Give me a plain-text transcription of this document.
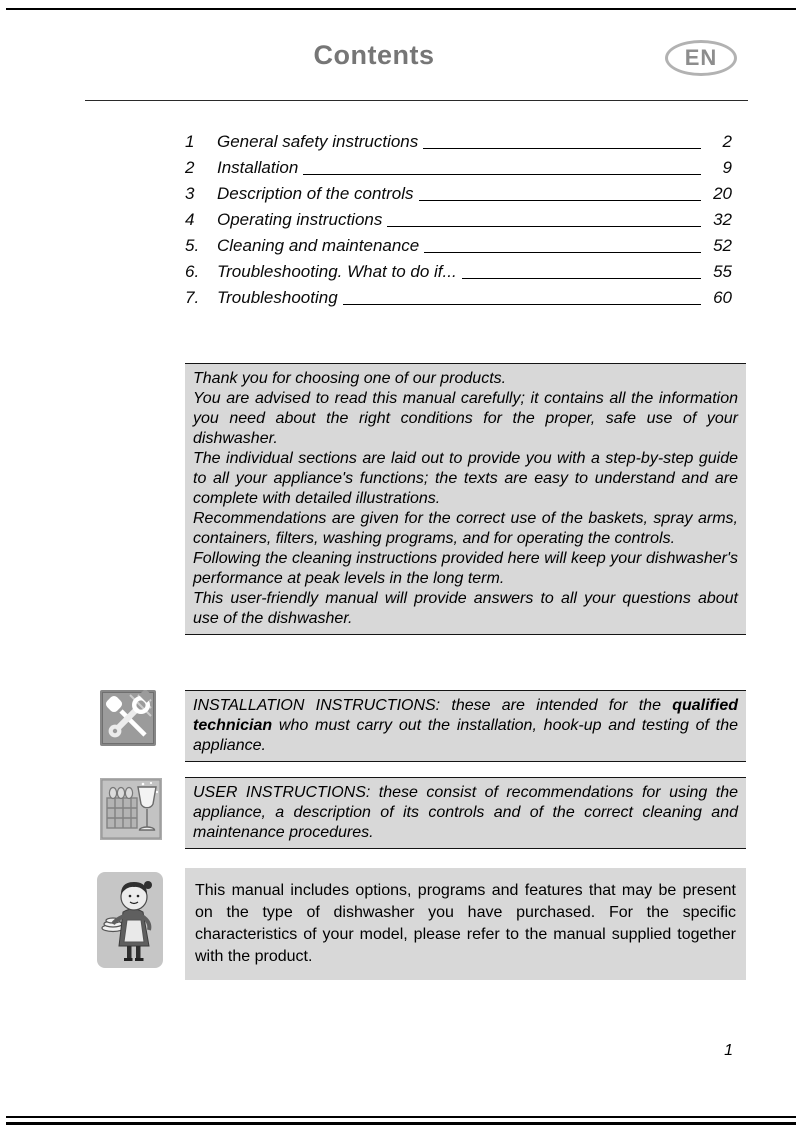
Contents	EN
1	General safety instructions	2
2	Installation	9
3	Description of the controls	20
4	Operating instructions	32
5.	Cleaning and maintenance	52
6.	Troubleshooting. What to do if...	55
7.	Troubleshooting	60

Thank you for choosing one of our products.

You are advised to read this manual carefully; it contains all the information you need about the right conditions for the proper, safe use of your dishwasher.

The individual sections are laid out to provide you with a step-by-step guide to all your appliance's functions; the texts are easy to understand and are complete with detailed illustrations.

Recommendations are given for the correct use of the baskets, spray arms, containers, filters, washing programs, and for operating the controls.

Following the cleaning instructions provided here will keep your dishwasher's performance at peak levels in the long term.

This user-friendly manual will provide answers to all your questions about use of the dishwasher.

INSTALLATION INSTRUCTIONS: these are intended for the qualified technician who must carry out the installation, hook-up and testing of the appliance.

USER INSTRUCTIONS: these consist of recommendations for using the appliance, a description of its controls and of the correct cleaning and maintenance procedures.

This manual includes options, programs and features that may be present on the type of dishwasher you have purchased. For the specific characteristics of your model, please refer to the manual supplied together with the product.

1
